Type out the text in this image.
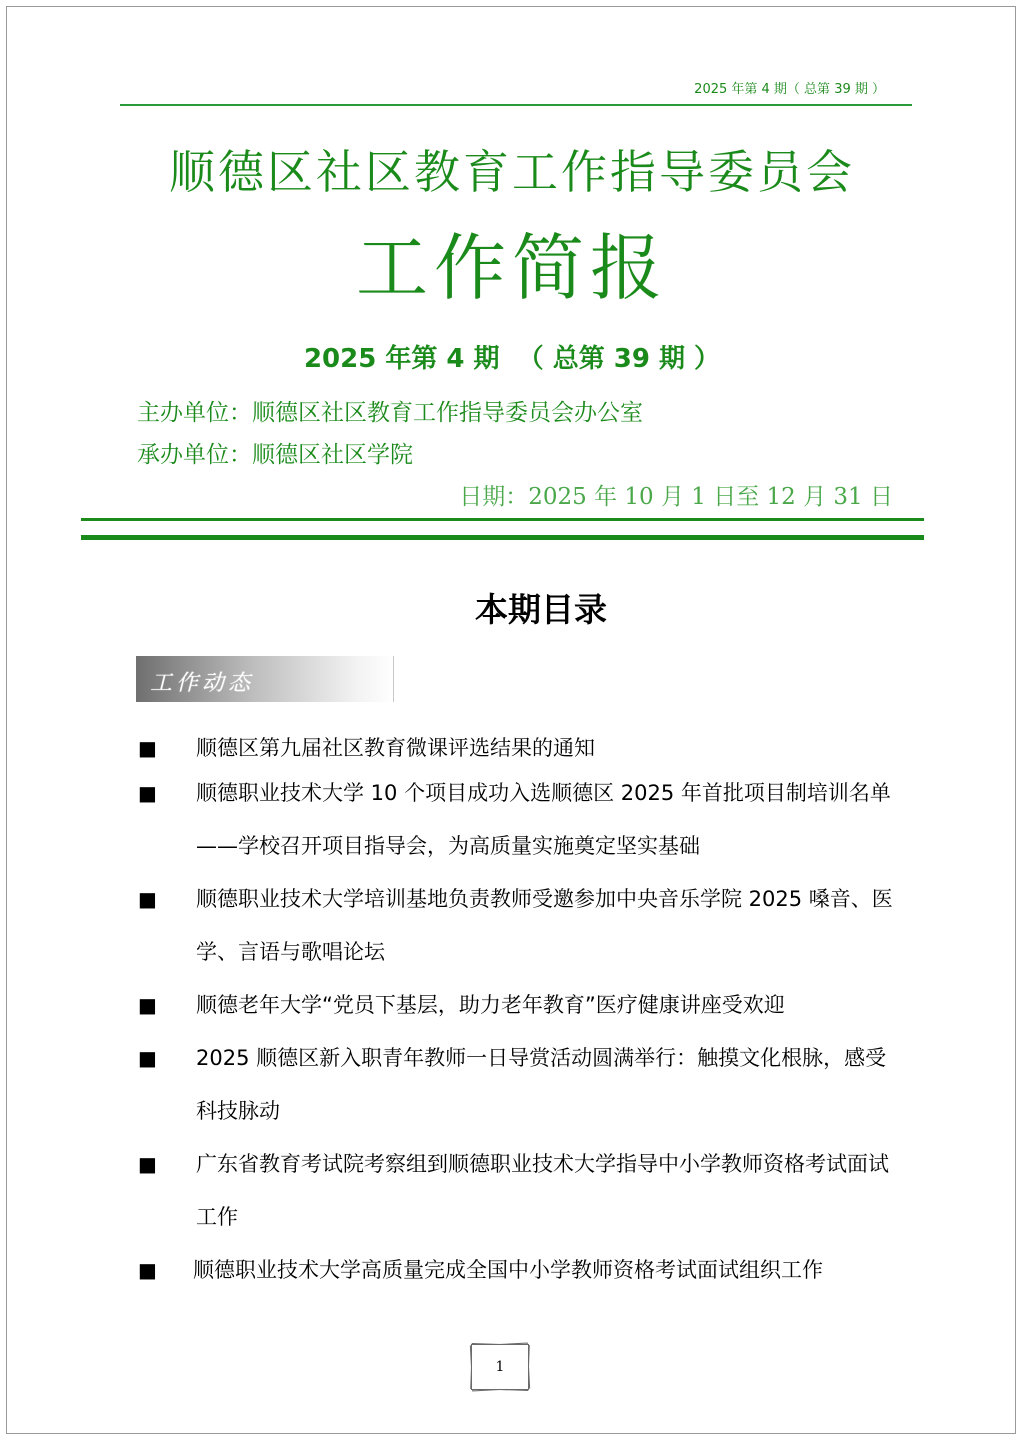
2025 年第 4 期（ 总第 39 期 ）
顺德区社区教育工作指导委员会
工作简报
2025 年第 4 期  （ 总第 39 期 ）
主办单位：顺德区社区教育工作指导委员会办公室
承办单位：顺德区社区学院
日期：2025 年 10 月 1 日至 12 月 31 日
本期目录
工作动态
■ 顺德区第九届社区教育微课评选结果的通知
■ 顺德职业技术大学 10 个项目成功入选顺德区 2025 年首批项目制培训名单——学校召开项目指导会，为高质量实施奠定坚实基础
■ 顺德职业技术大学培训基地负责教师受邀参加中央音乐学院 2025 嗓音、医学、言语与歌唱论坛
■ 顺德老年大学“党员下基层，助力老年教育”医疗健康讲座受欢迎
■ 2025 顺德区新入职青年教师一日导赏活动圆满举行：触摸文化根脉，感受科技脉动
■ 广东省教育考试院考察组到顺德职业技术大学指导中小学教师资格考试面试工作
■ 顺德职业技术大学高质量完成全国中小学教师资格考试面试组织工作
1
